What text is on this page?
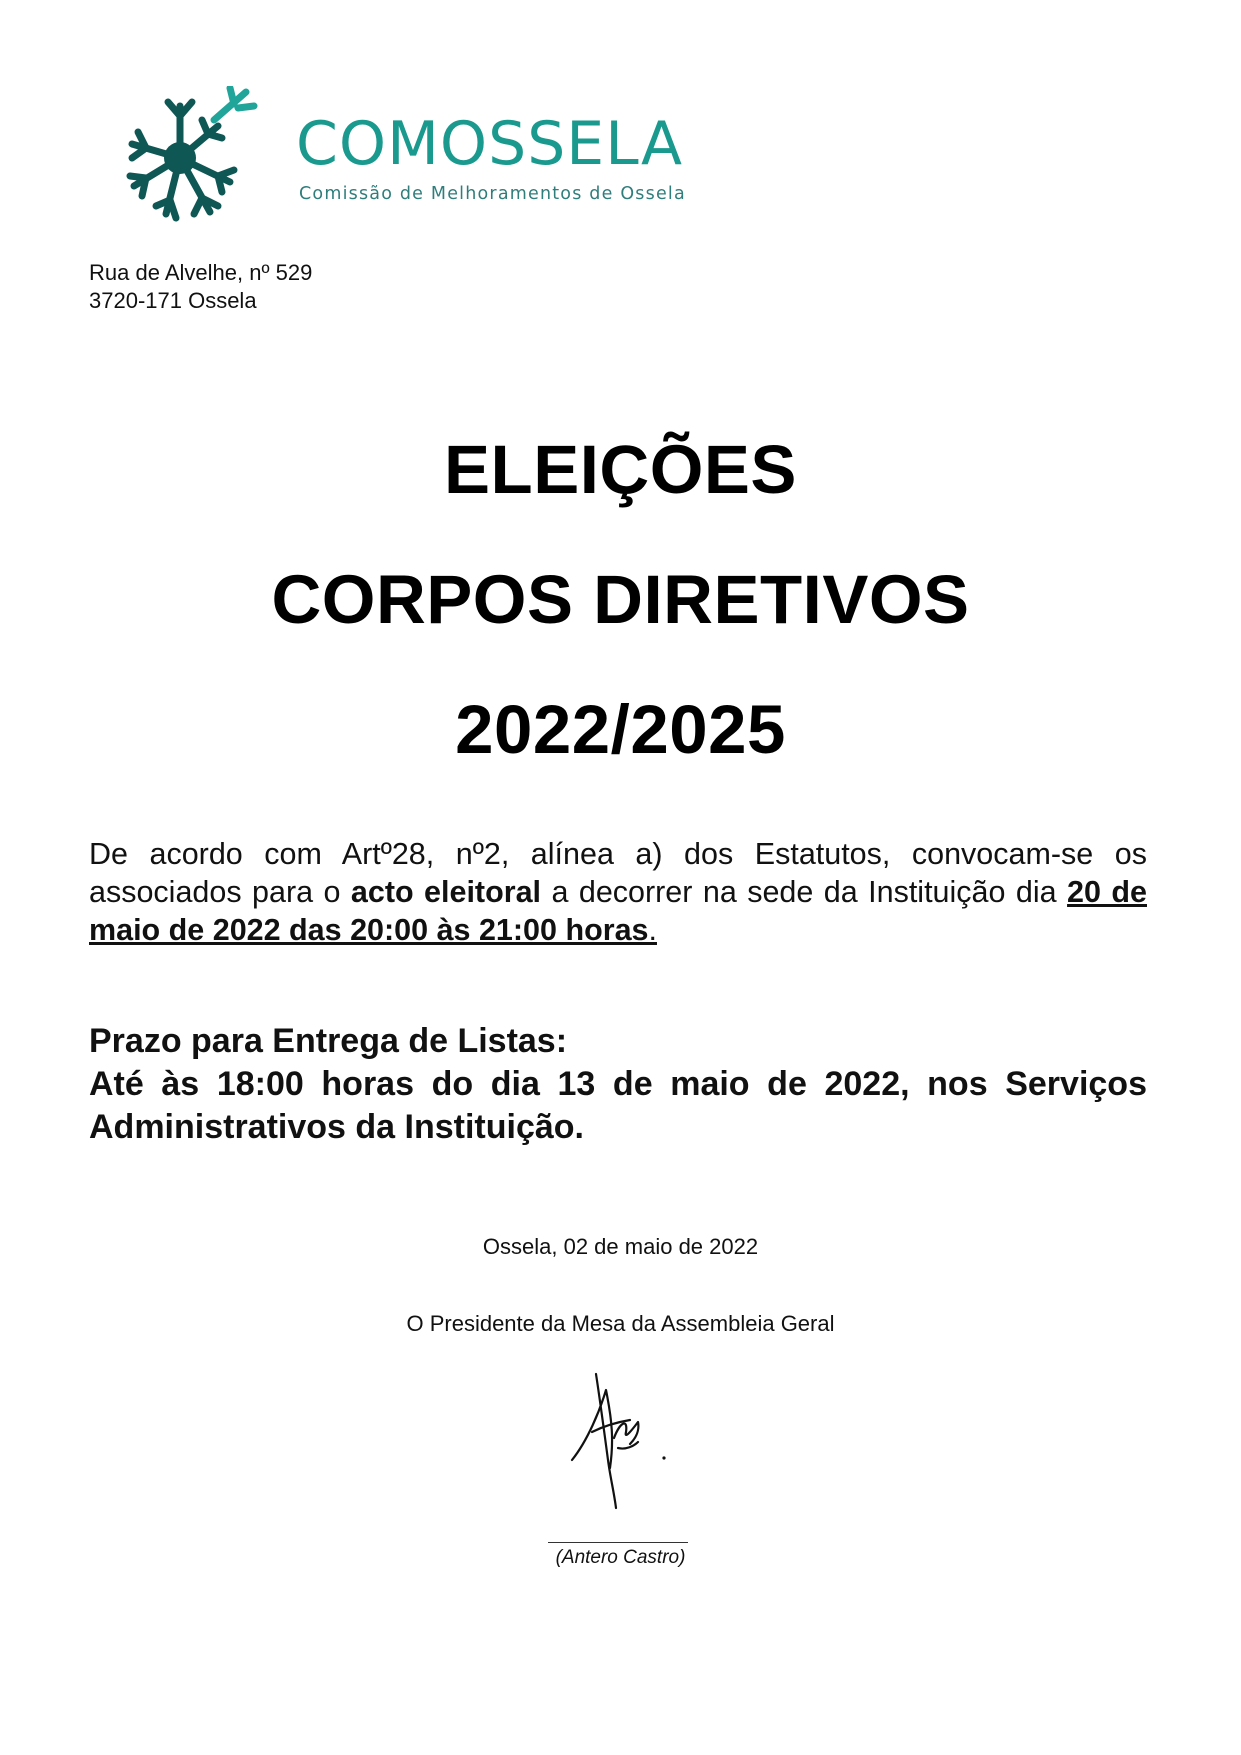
COMOSSELA
Comissão de Melhoramentos de Ossela
Rua de Alvelhe, nº 529
3720-171 Ossela
ELEIÇÕES
CORPOS DIRETIVOS
2022/2025

De acordo com Artº28, nº2, alínea a) dos Estatutos, convocam-se os associados para o acto eleitoral a decorrer na sede da Instituição dia 20 de maio de 2022 das 20:00 às 21:00 horas.

Prazo para Entrega de Listas:
Até às 18:00 horas do dia 13 de maio de 2022, nos Serviços Administrativos da Instituição.
Ossela, 02 de maio de 2022
O Presidente da Mesa da Assembleia Geral
(Antero Castro)
